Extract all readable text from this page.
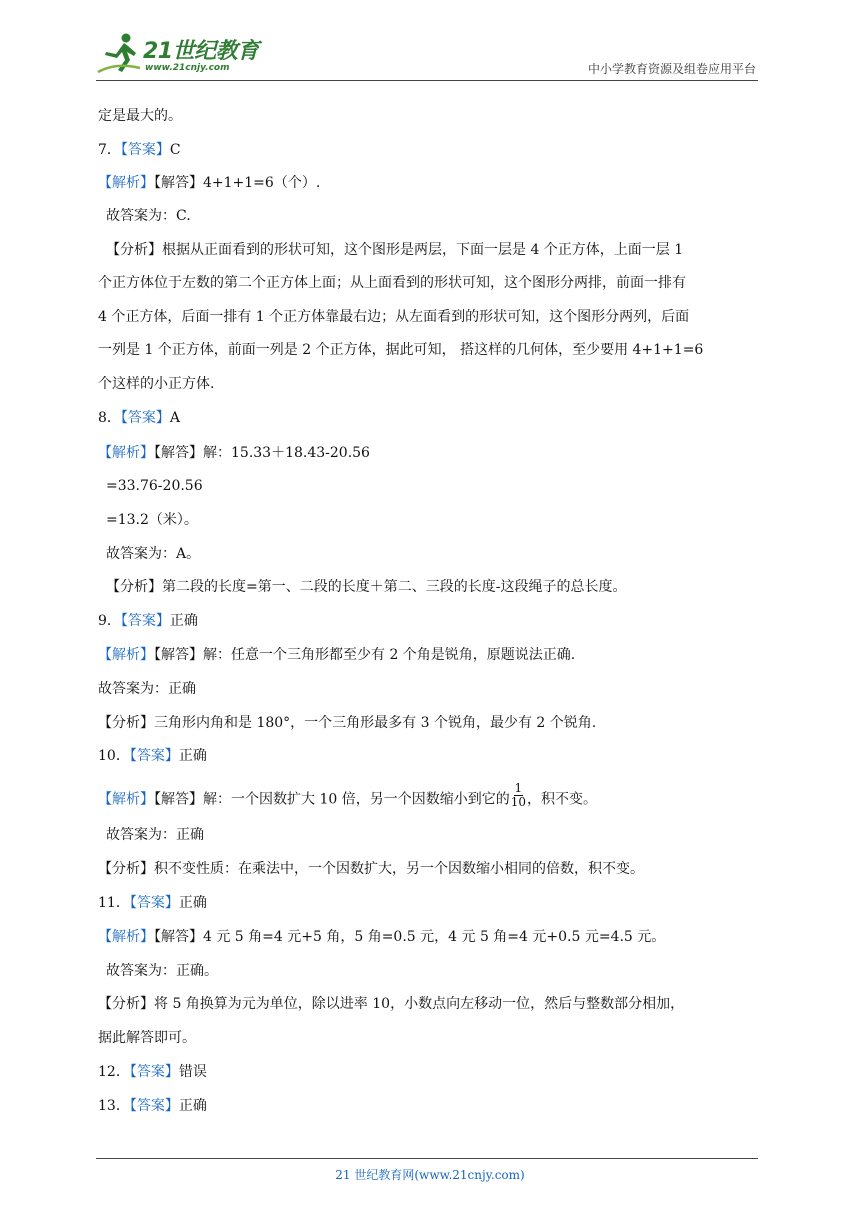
21世纪教育
www.21cnjy.com	中小学教育资源及组卷应用平台
定是最大的。
7．【答案】C
【解析】【解答】4+1+1=6（个）.
故答案为：C.
【分析】根据从正面看到的形状可知，这个图形是两层，下面一层是 4 个正方体，上面一层 1
个正方体位于左数的第二个正方体上面；从上面看到的形状可知，这个图形分两排，前面一排有
4 个正方体，后面一排有 1 个正方体靠最右边；从左面看到的形状可知，这个图形分两列，后面
一列是 1 个正方体，前面一列是 2 个正方体，据此可知， 搭这样的几何体，至少要用 4+1+1=6
个这样的小正方体.
8．【答案】A
【解析】【解答】解：15.33＋18.43-20.56
=33.76-20.56
=13.2（米）。
故答案为：A。
【分析】第二段的长度=第一、二段的长度＋第二、三段的长度-这段绳子的总长度。
9．【答案】正确
【解析】【解答】解：任意一个三角形都至少有 2 个角是锐角，原题说法正确.
故答案为：正确
【分析】三角形内角和是 180°，一个三角形最多有 3 个锐角，最少有 2 个锐角.
10．【答案】正确
【解析】【解答】解：一个因数扩大 10 倍，另一个因数缩小到它的 $\frac{1}{10}$ ，积不变。
故答案为：正确
【分析】积不变性质：在乘法中，一个因数扩大，另一个因数缩小相同的倍数，积不变。
11．【答案】正确
【解析】【解答】4 元 5 角=4 元+5 角，5 角=0.5 元，4 元 5 角=4 元+0.5 元=4.5 元。
故答案为：正确。
【分析】将 5 角换算为元为单位，除以进率 10，小数点向左移动一位，然后与整数部分相加，
据此解答即可。
12．【答案】错误
13．【答案】正确
21 世纪教育网(www.21cnjy.com)
